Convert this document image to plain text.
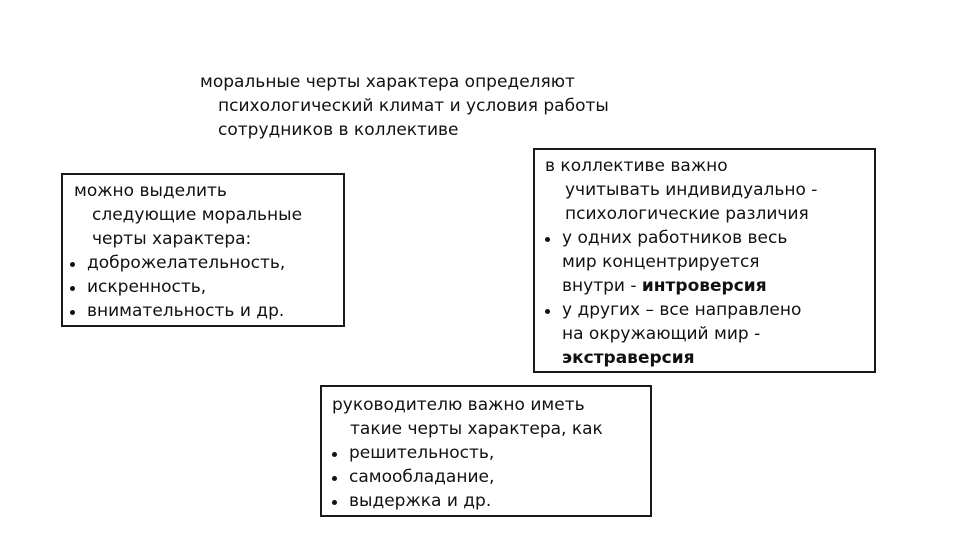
моральные черты характера определяют
психологический климат и условия работы
сотрудников в коллективе
можно выделить
следующие моральные
черты характера:
доброжелательность,
искренность,
внимательность и др.
в коллективе важно
учитывать индивидуально -
психологические различия
у одних работников весь
мир концентрируется
внутри - интроверсия
у других – все направлено
на окружающий мир -
экстраверсия
руководителю важно иметь
такие черты характера, как
решительность,
самообладание,
выдержка и др.
